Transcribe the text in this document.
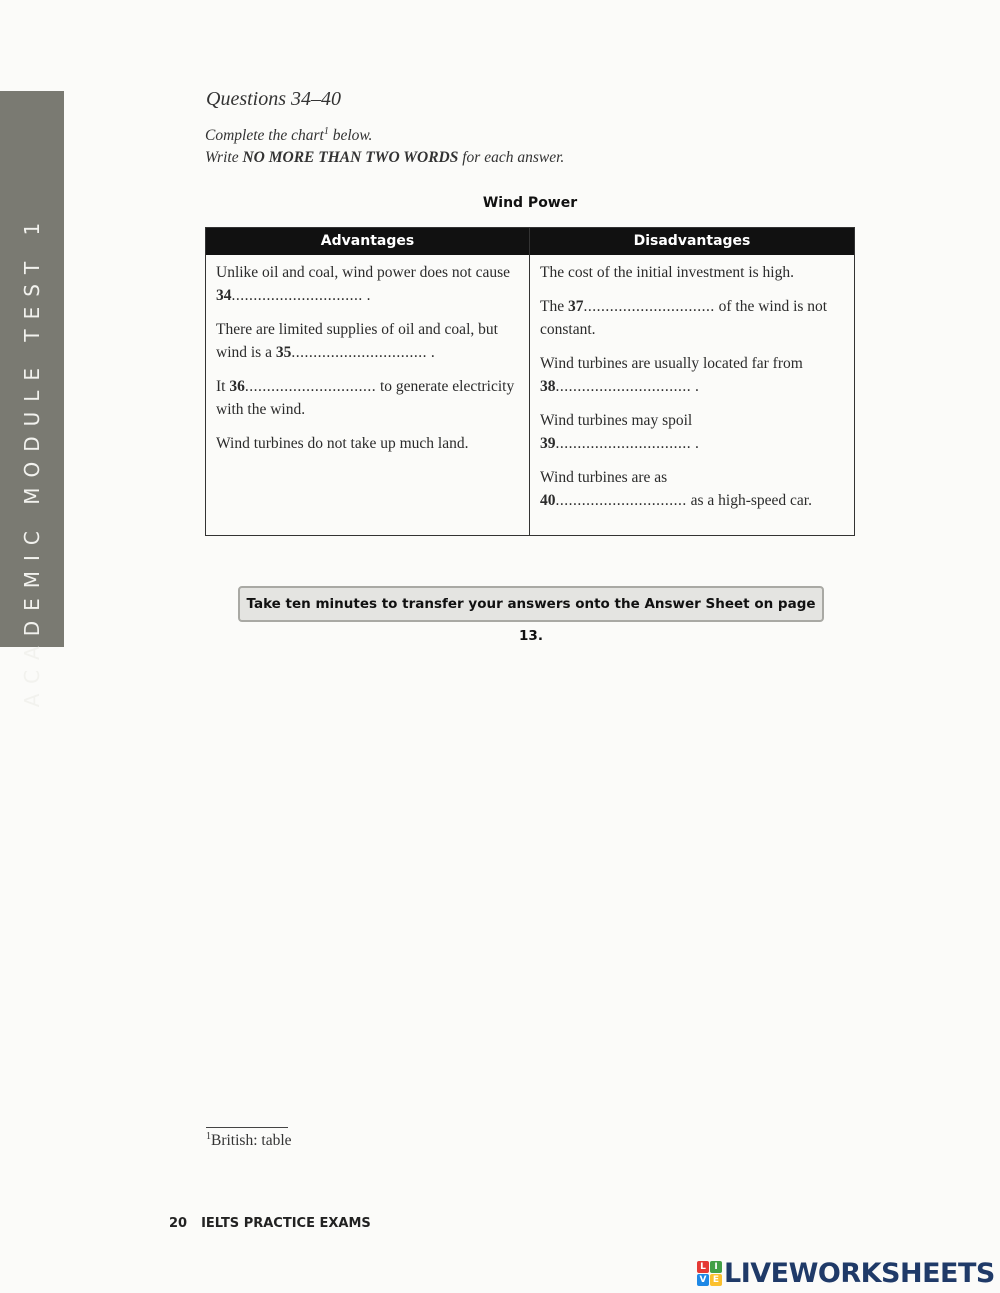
ACADEMIC MODULE TEST 1
Questions 34–40
Complete the chart$^1$ below.
Write NO MORE THAN TWO WORDS for each answer.
Wind Power
Advantages

Unlike oil and coal, wind power does not cause 34.............................. .

There are limited supplies of oil and coal, but wind is a 35............................... .

It 36.............................. to generate electricity with the wind.

Wind turbines do not take up much land.

Disadvantages

The cost of the initial investment is high.

The 37.............................. of the wind is not constant.

Wind turbines are usually located far from 38............................... .

Wind turbines may spoil
39............................... .

Wind turbines are as
40.............................. as a high-speed car.

Take ten minutes to transfer your answers onto the Answer Sheet on page 13.
$^1$British: table
20 IELTS PRACTICE EXAMS
L I
V E LIVEWORKSHEETS
